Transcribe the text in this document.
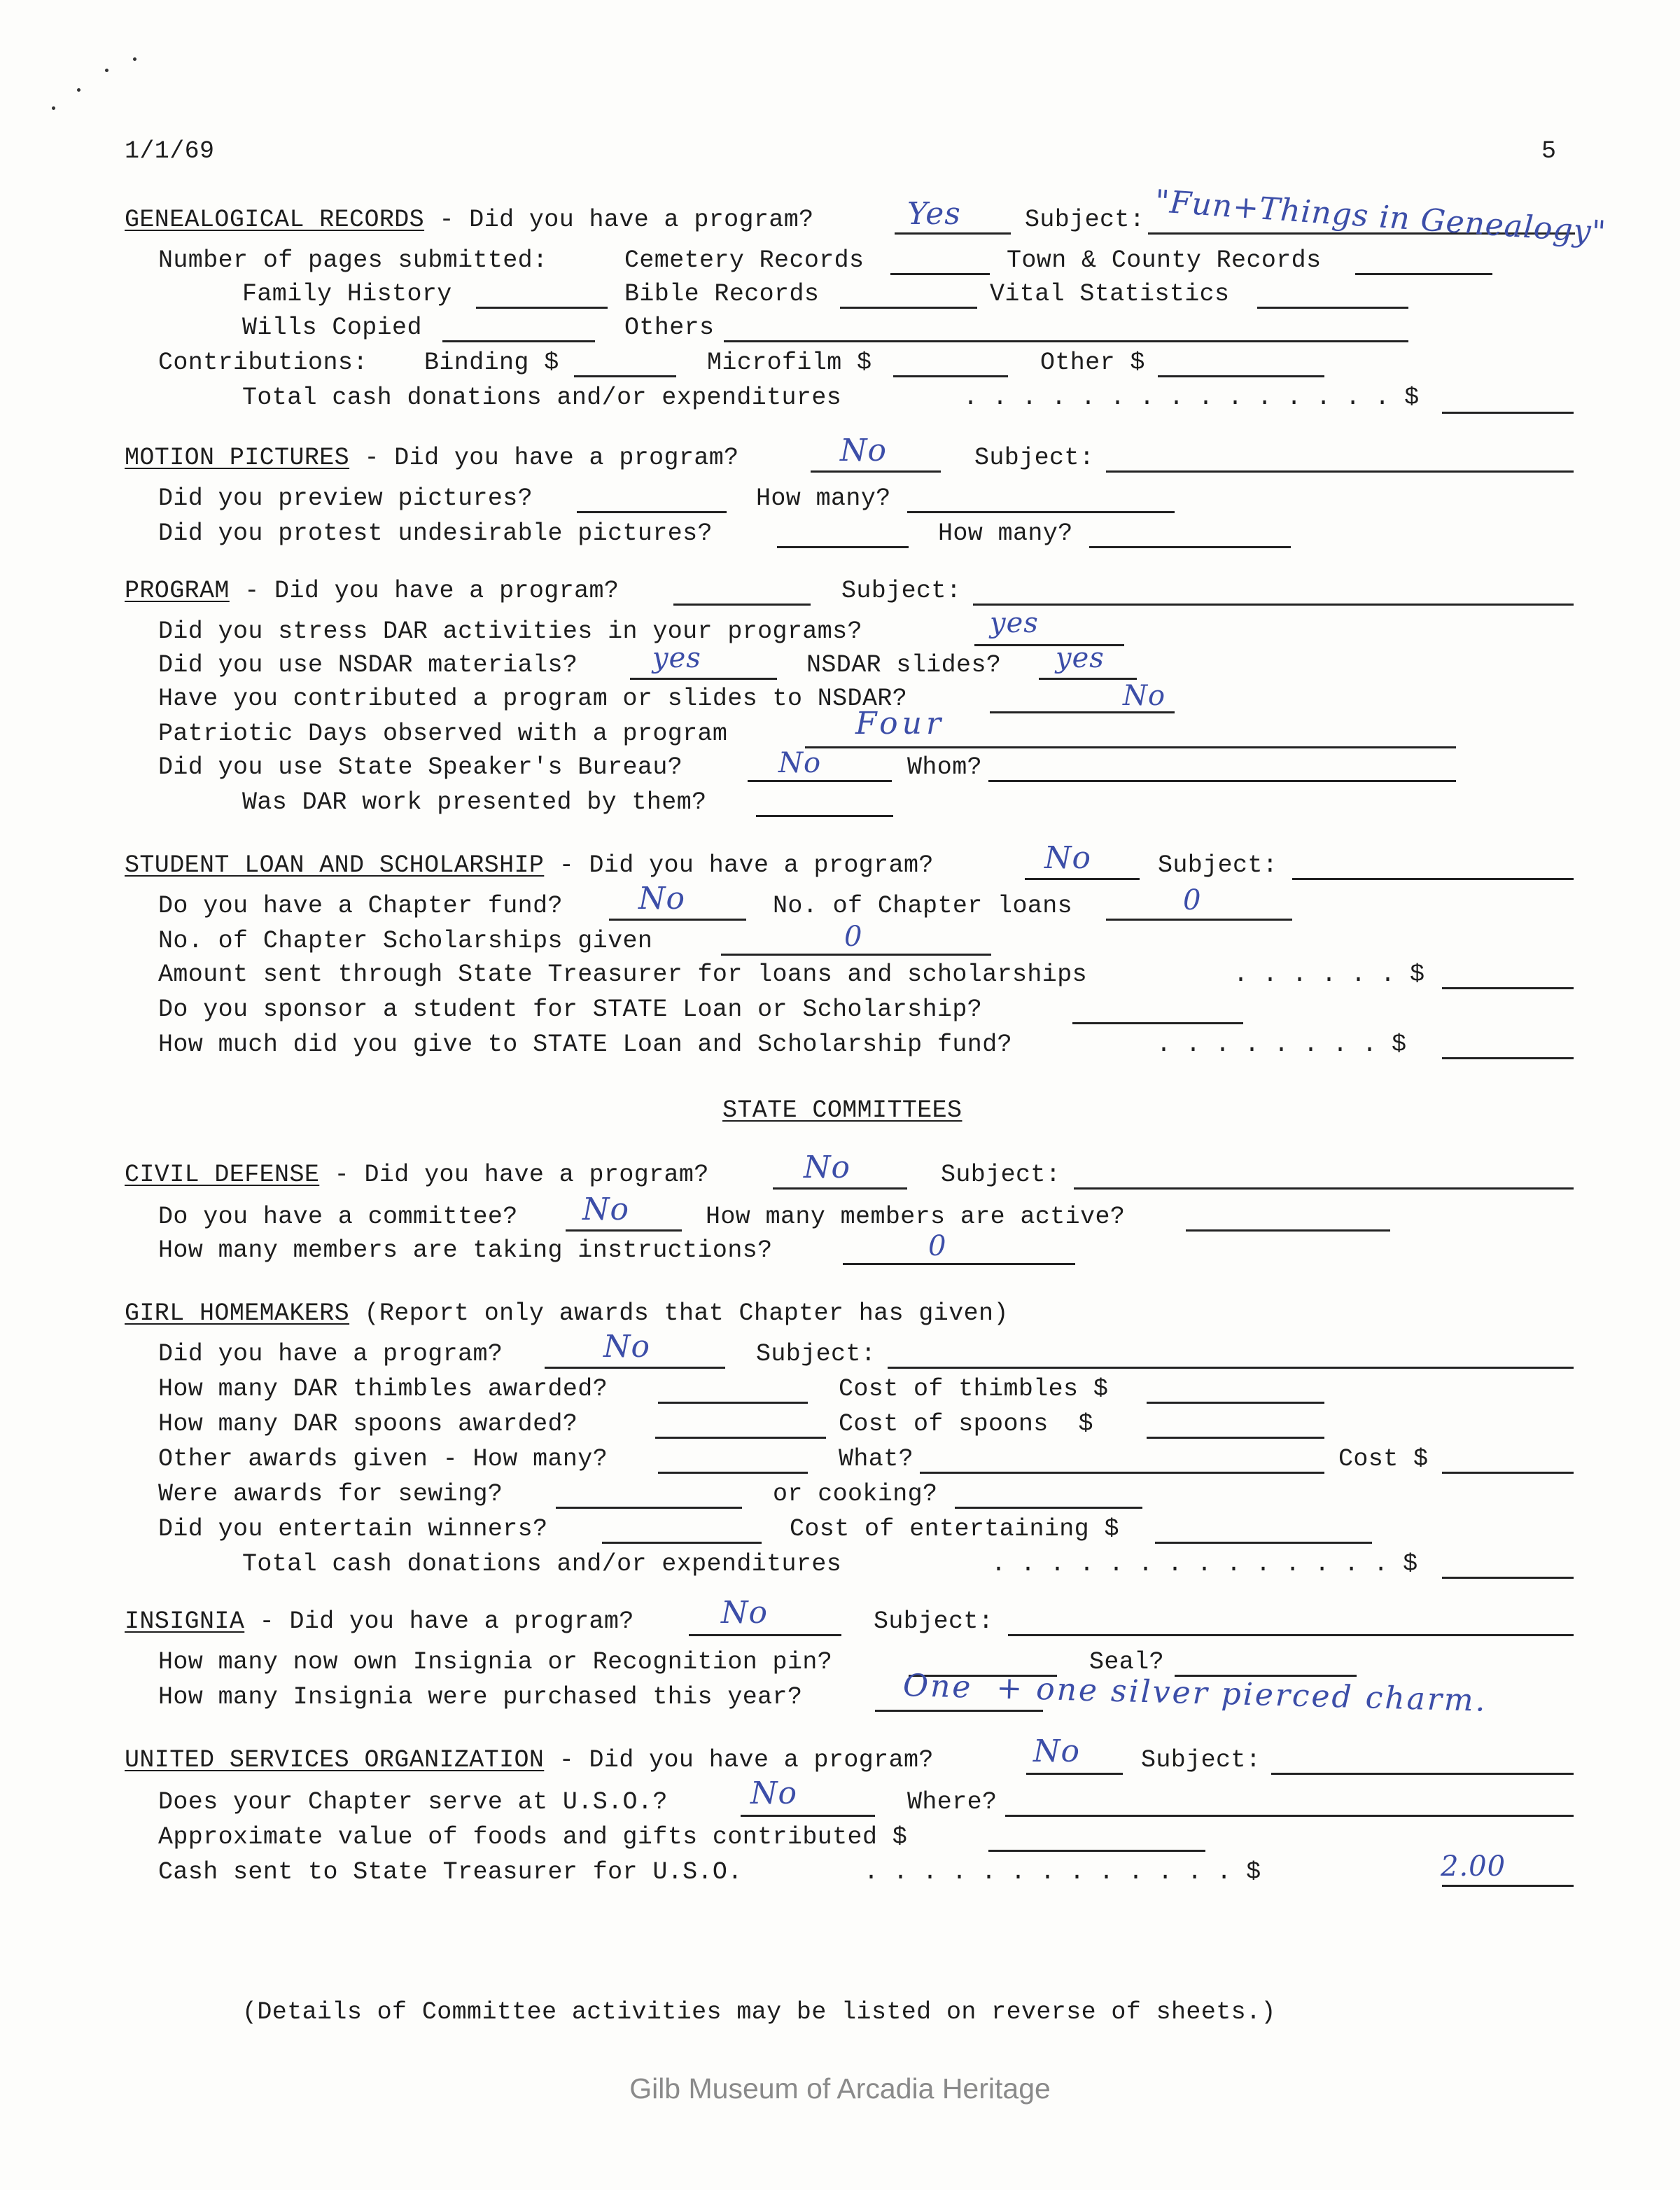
1/1/69	5
GENEALOGICAL RECORDS - Did you have a program?	Yes	Subject: "Fun+Things in Genealogy"
Number of pages submitted:	Cemetery Records	Town & County Records
Family History	Bible Records	Vital Statistics
Wills Copied	Others
Contributions: Binding $	Microfilm $	Other $
Total cash donations and/or expenditures	. . . . . . . . . . . . . . . $
MOTION PICTURES - Did you have a program?	No	Subject:
Did you preview pictures?	How many?
Did you protest undesirable pictures?	How many?
PROGRAM - Did you have a program?	Subject:
Did you stress DAR activities in your programs?	yes
Did you use NSDAR materials?	yes	NSDAR slides? yes
Have you contributed a program or slides to NSDAR?	No
Patriotic Days observed with a program	Four
Did you use State Speaker's Bureau?	No	Whom?
Was DAR work presented by them?
STUDENT LOAN AND SCHOLARSHIP - Did you have a program?	No	Subject:
Do you have a Chapter fund? No	No. of Chapter loans	0
No. of Chapter Scholarships given	0
Amount sent through State Treasurer for loans and scholarships	. . . . . . $
Do you sponsor a student for STATE Loan or Scholarship?
How much did you give to STATE Loan and Scholarship fund?	. . . . . . . . $
STATE COMMITTEES
CIVIL DEFENSE - Did you have a program?	No	Subject:
Do you have a committee? No	How many members are active?
How many members are taking instructions?	0
GIRL HOMEMAKERS (Report only awards that Chapter has given)
Did you have a program?	No	Subject:
How many DAR thimbles awarded?	Cost of thimbles $
How many DAR spoons awarded?	Cost of spoons  $
Other awards given - How many?	What?	Cost $
Were awards for sewing?	or cooking?
Did you entertain winners?	Cost of entertaining $
Total cash donations and/or expenditures	. . . . . . . . . . . . . . $
INSIGNIA - Did you have a program?	No	Subject:
How many now own Insignia or Recognition pin?	Seal?
How many Insignia were purchased this year?	One  + one silver pierced charm.
UNITED SERVICES ORGANIZATION - Did you have a program?	No Subject:
Does your Chapter serve at U.S.O.?	No	Where?
Approximate value of foods and gifts contributed $
Cash sent to State Treasurer for U.S.O.	. . . . . . . . . . . . . $	2.00
(Details of Committee activities may be listed on reverse of sheets.)
Gilb Museum of Arcadia Heritage
